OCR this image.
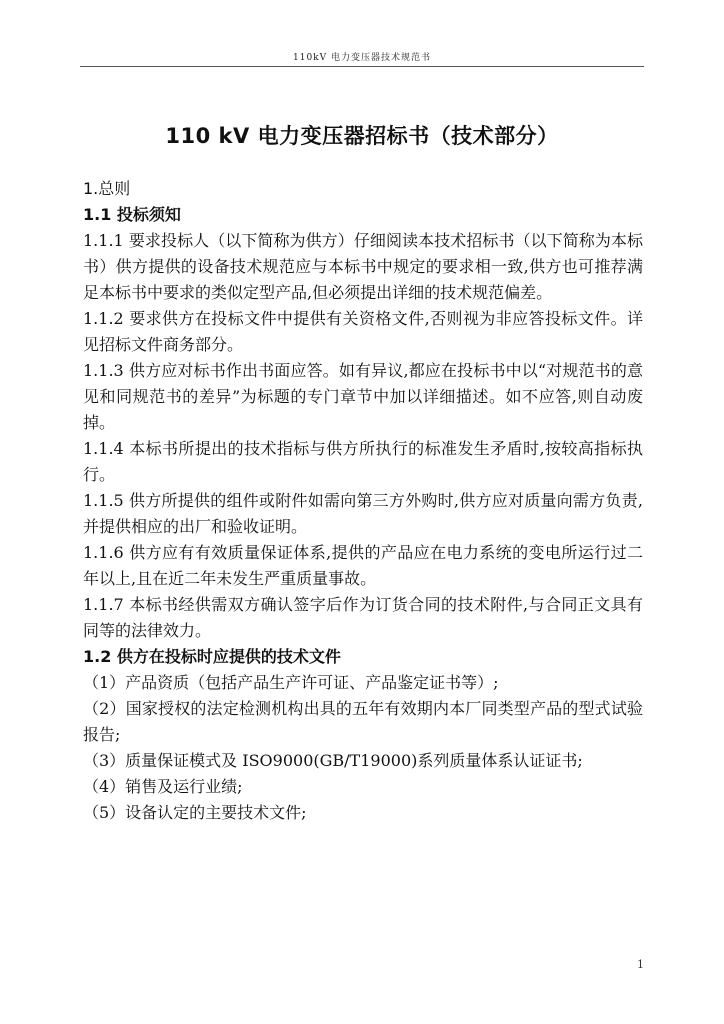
110kV 电力变压器技术规范书
110 kV 电力变压器招标书（技术部分）

1.总则

1.1 投标须知

1.1.1 要求投标人（以下简称为供方）仔细阅读本技术招标书（以下简称为本标书）供方提供的设备技术规范应与本标书中规定的要求相一致,供方也可推荐满足本标书中要求的类似定型产品,但必须提出详细的技术规范偏差。

1.1.2 要求供方在投标文件中提供有关资格文件,否则视为非应答投标文件。详见招标文件商务部分。

1.1.3 供方应对标书作出书面应答。如有异议,都应在投标书中以“对规范书的意见和同规范书的差异”为标题的专门章节中加以详细描述。如不应答,则自动废掉。

1.1.4 本标书所提出的技术指标与供方所执行的标准发生矛盾时,按较高指标执行。

1.1.5 供方所提供的组件或附件如需向第三方外购时,供方应对质量向需方负责,并提供相应的出厂和验收证明。

1.1.6 供方应有有效质量保证体系,提供的产品应在电力系统的变电所运行过二年以上,且在近二年未发生严重质量事故。

1.1.7 本标书经供需双方确认签字后作为订货合同的技术附件,与合同正文具有同等的法律效力。

1.2 供方在投标时应提供的技术文件

（1）产品资质（包括产品生产许可证、产品鉴定证书等）;

（2）国家授权的法定检测机构出具的五年有效期内本厂同类型产品的型式试验报告;

（3）质量保证模式及 ISO9000(GB/T19000)系列质量体系认证证书;

（4）销售及运行业绩;

（5）设备认定的主要技术文件;

1
